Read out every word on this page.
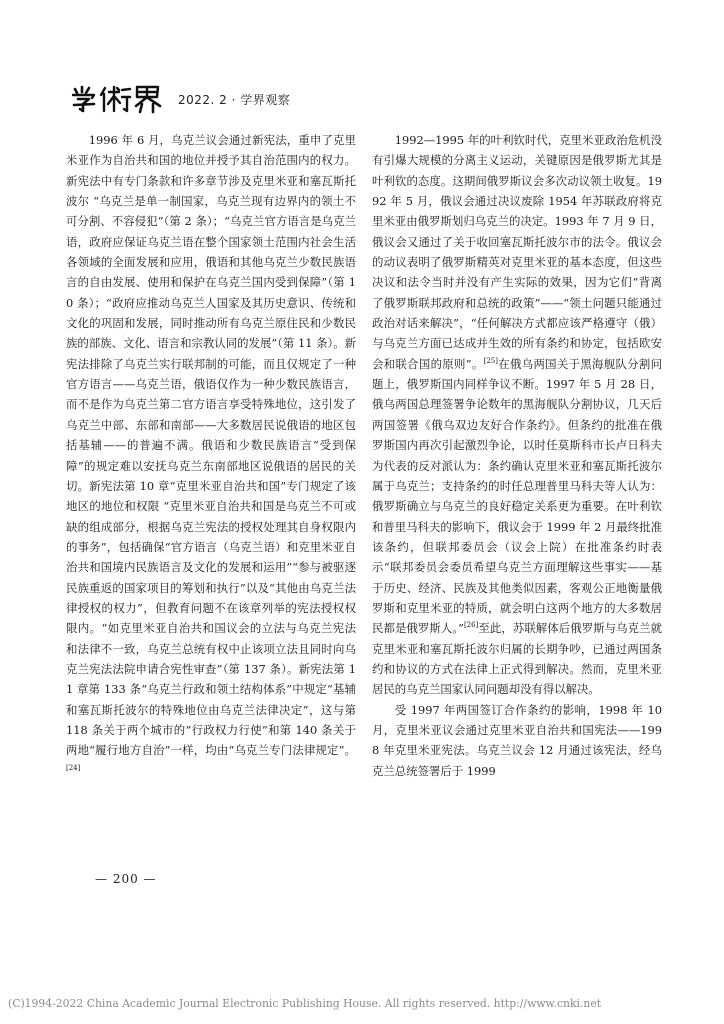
2022. 2 · 学界观察

1996 年 6 月，乌克兰议会通过新宪法，重申了克里米亚作为自治共和国的地位并授予其自治范围内的权力。新宪法中有专门条款和许多章节涉及克里米亚和塞瓦斯托波尔 “乌克兰是单一制国家，乌克兰现有边界内的领土不可分割、不容侵犯”（第 2 条）；“乌克兰官方语言是乌克兰语，政府应保证乌克兰语在整个国家领土范围内社会生活各领域的全面发展和应用，俄语和其他乌克兰少数民族语言的自由发展、使用和保护在乌克兰国内受到保障”（第 10 条）；“政府应推动乌克兰人国家及其历史意识、传统和文化的巩固和发展，同时推动所有乌克兰原住民和少数民族的部族、文化、语言和宗教认同的发展”（第 11 条）。新宪法排除了乌克兰实行联邦制的可能，而且仅规定了一种官方语言——乌克兰语，俄语仅作为一种少数民族语言，而不是作为乌克兰第二官方语言享受特殊地位，这引发了乌克兰中部、东部和南部——大多数居民说俄语的地区包括基辅——的普遍不满。俄语和少数民族语言“受到保障”的规定难以安抚乌克兰东南部地区说俄语的居民的关切。新宪法第 10 章“克里米亚自治共和国”专门规定了该地区的地位和权限 “克里米亚自治共和国是乌克兰不可或缺的组成部分，根据乌克兰宪法的授权处理其自身权限内的事务”，包括确保“官方语言（乌克兰语）和克里米亚自治共和国境内民族语言及文化的发展和运用”“参与被驱逐民族重返的国家项目的筹划和执行”以及“其他由乌克兰法律授权的权力”，但教育问题不在该章列举的宪法授权权限内。“如克里米亚自治共和国议会的立法与乌克兰宪法和法律不一致，乌克兰总统有权中止该项立法且同时向乌克兰宪法法院申请合宪性审查”（第 137 条）。新宪法第 11 章第 133 条“乌克兰行政和领土结构体系”中规定“基辅和塞瓦斯托波尔的特殊地位由乌克兰法律决定”，这与第 118 条关于两个城市的“行政权力行使”和第 140 条关于两地“履行地方自治”一样，均由“乌克兰专门法律规定”。[24]

1992—1995 年的叶利钦时代，克里米亚政治危机没有引爆大规模的分离主义运动，关键原因是俄罗斯尤其是叶利钦的态度。这期间俄罗斯议会多次动议领土收复。1992 年 5 月，俄议会通过决议废除 1954 年苏联政府将克里米亚由俄罗斯划归乌克兰的决定。1993 年 7 月 9 日，俄议会又通过了关于收回塞瓦斯托波尔市的法令。俄议会的动议表明了俄罗斯精英对克里米亚的基本态度，但这些决议和法令当时并没有产生实际的效果，因为它们“背离了俄罗斯联邦政府和总统的政策”——“领土问题只能通过政治对话来解决”，“任何解决方式都应该严格遵守（俄）与乌克兰方面已达成并生效的所有条约和协定，包括欧安会和联合国的原则”。[25]在俄乌两国关于黑海舰队分割问题上，俄罗斯国内同样争议不断。1997 年 5 月 28 日，俄乌两国总理签署争论数年的黑海舰队分割协议，几天后两国签署《俄乌双边友好合作条约》。但条约的批准在俄罗斯国内再次引起激烈争论，以时任莫斯科市长卢日科夫为代表的反对派认为：条约确认克里米亚和塞瓦斯托波尔属于乌克兰；支持条约的时任总理普里马科夫等人认为：俄罗斯确立与乌克兰的良好稳定关系更为重要。在叶利钦和普里马科夫的影响下，俄议会于 1999 年 2 月最终批准该条约，但联邦委员会（议会上院）在批准条约时表示“联邦委员会委员希望乌克兰方面理解这些事实——基于历史、经济、民族及其他类似因素，客观公正地衡量俄罗斯和克里米亚的特质，就会明白这两个地方的大多数居民都是俄罗斯人。”[26]至此，苏联解体后俄罗斯与乌克兰就克里米亚和塞瓦斯托波尔归属的长期争吵，已通过两国条约和协议的方式在法律上正式得到解决。然而，克里米亚居民的乌克兰国家认同问题却没有得以解决。

受 1997 年两国签订合作条约的影响，1998 年 10 月，克里米亚议会通过克里米亚自治共和国宪法——1998 年克里米亚宪法。乌克兰议会 12 月通过该宪法，经乌克兰总统签署后于 1999

— 200 —
(C)1994-2022 China Academic Journal Electronic Publishing House. All rights reserved. http://www.cnki.net
